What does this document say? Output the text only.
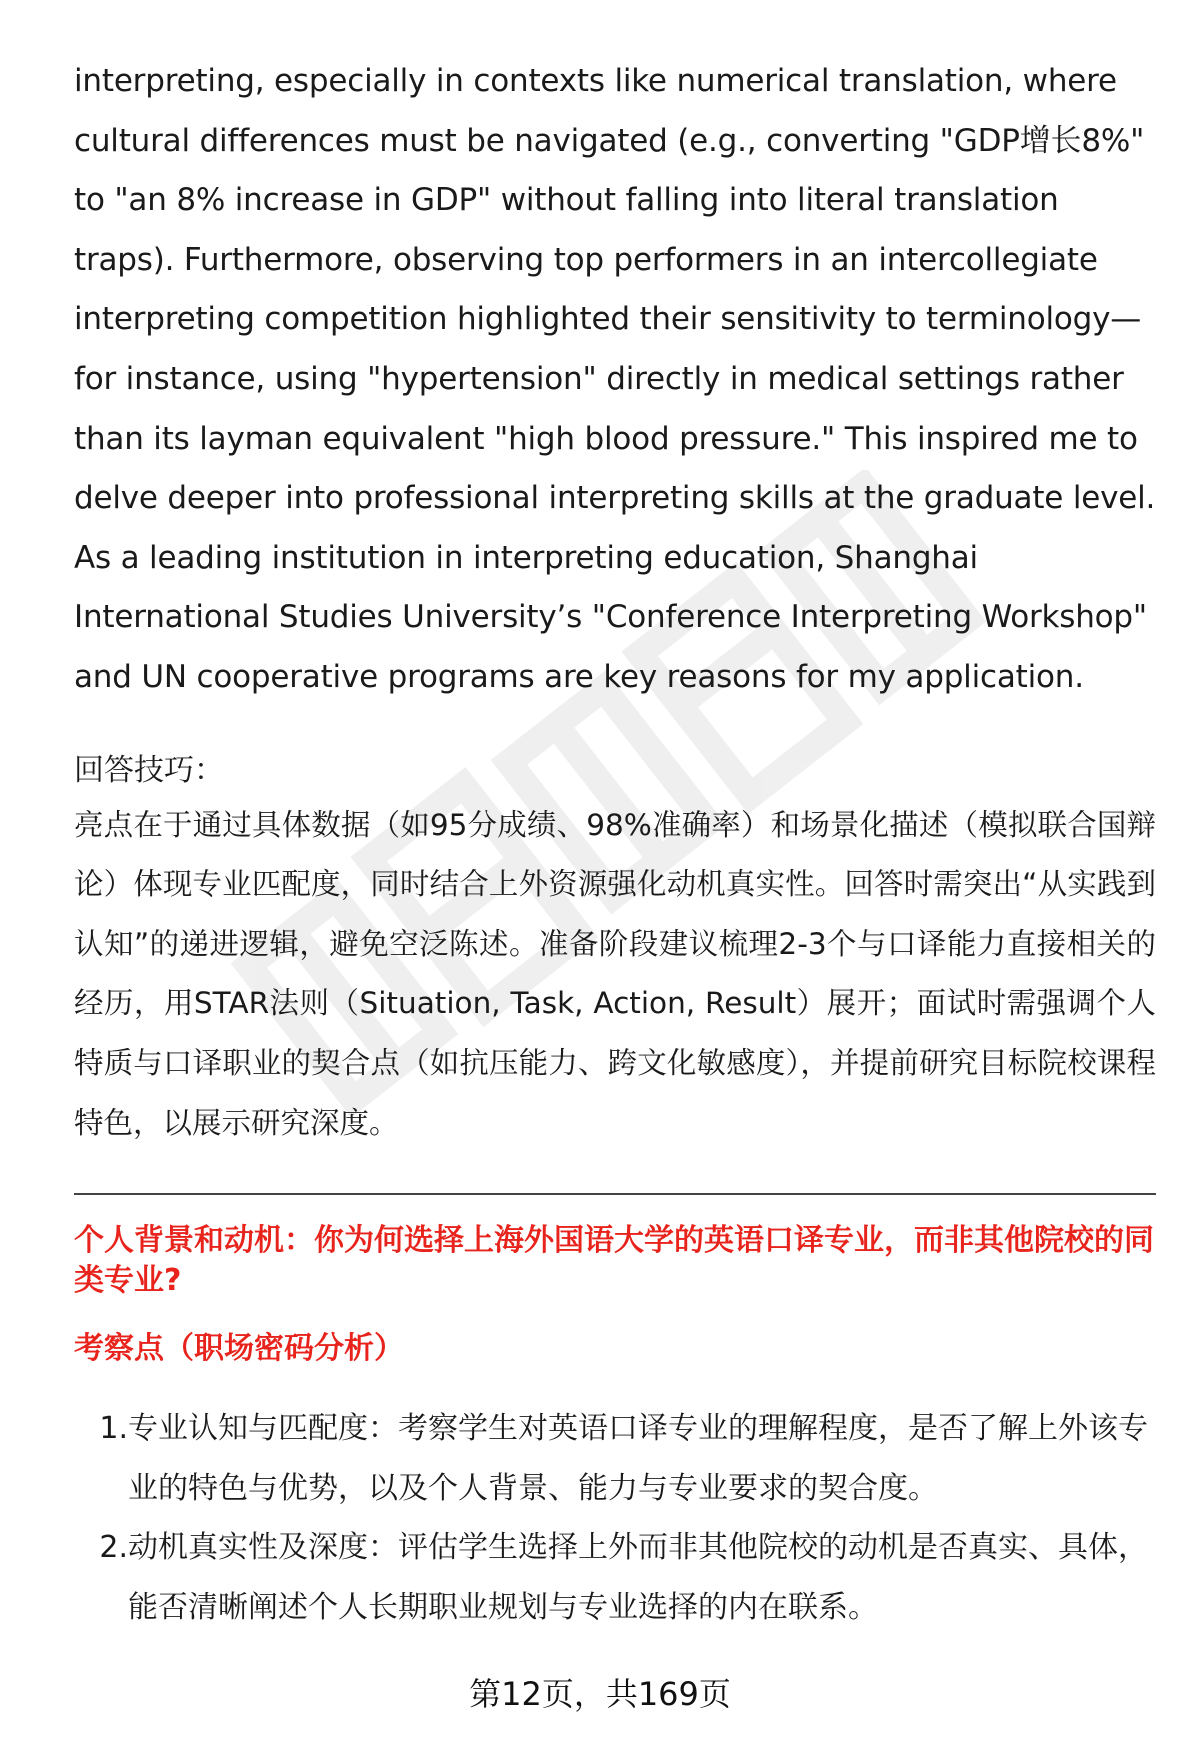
interpreting, especially in contexts like numerical translation, where cultural differences must be navigated (e.g., converting "GDP增长8%" to "an 8% increase in GDP" without falling into literal translation traps). Furthermore, observing top performers in an intercollegiate interpreting competition highlighted their sensitivity to terminology—for instance, using "hypertension" directly in medical settings rather than its layman equivalent "high blood pressure." This inspired me to delve deeper into professional interpreting skills at the graduate level. As a leading institution in interpreting education, Shanghai International Studies University’s "Conference Interpreting Workshop" and UN cooperative programs are key reasons for my application.

回答技巧：

亮点在于通过具体数据（如95分成绩、98%准确率）和场景化描述（模拟联合国辩论）体现专业匹配度，同时结合上外资源强化动机真实性。回答时需突出“从实践到认知”的递进逻辑，避免空泛陈述。准备阶段建议梳理2-3个与口译能力直接相关的经历，用STAR法则（Situation, Task, Action, Result）展开；面试时需强调个人特质与口译职业的契合点（如抗压能力、跨文化敏感度），并提前研究目标院校课程特色，以展示研究深度。

个人背景和动机：你为何选择上海外国语大学的英语口译专业，而非其他院校的同类专业?

考察点（职场密码分析）

1. 专业认知与匹配度：考察学生对英语口译专业的理解程度，是否了解上外该专业的特色与优势，以及个人背景、能力与专业要求的契合度。
2. 动机真实性及深度：评估学生选择上外而非其他院校的动机是否真实、具体，能否清晰阐述个人长期职业规划与专业选择的内在联系。
第12页，共169页
